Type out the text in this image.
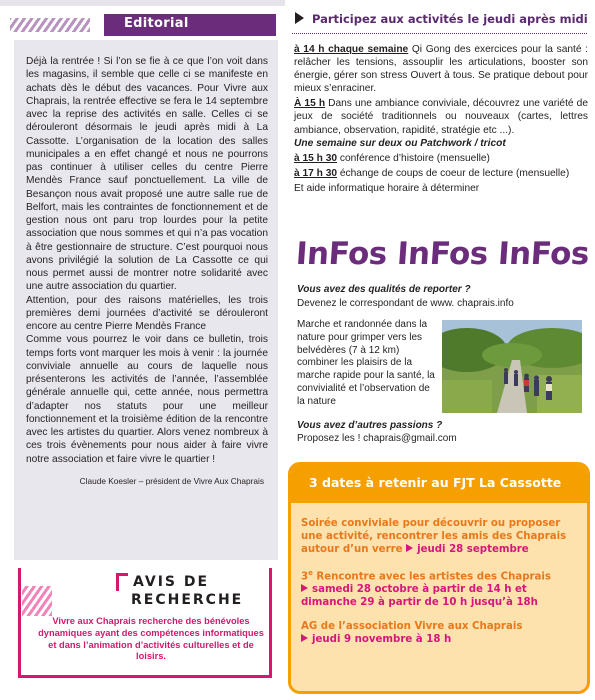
Editorial

Déjà la rentrée ! Si l’on se fie à ce que l’on voit dans les magasins, il semble que celle ci se manifeste en achats dès le début des vacances. Pour Vivre aux Chaprais, la rentrée effective se fera le 14 septembre avec la reprise des activités en salle. Celles ci se dérouleront désormais le jeudi après midi à La Cassotte. L’organisation de la location des salles municipales a en effet changé et nous ne pourrons pas continuer à utiliser celles du centre Pierre Mendès France sauf ponctuellement. La ville de Besançon nous avait proposé une autre salle rue de Belfort, mais les contraintes de fonctionnement et de gestion nous ont paru trop lourdes pour la petite association que nous sommes et qui n’a pas vocation à être gestionnaire de structure. C’est pourquoi nous avons privilégié la solution de La Cassotte ce qui nous permet aussi de montrer notre solidarité avec une autre association du quartier.

Attention, pour des raisons matérielles, les trois premières demi journées d’activité se dérouleront encore au centre Pierre Mendès France

Comme vous pourrez le voir dans ce bulletin, trois temps forts vont marquer les mois à venir : la journée conviviale annuelle au cours de laquelle nous présenterons les activités de l’année, l’assemblée générale annuelle qui, cette année, nous permettra d’adapter nos statuts pour une meilleur fonctionnement et la troisième édition de la rencontre avec les artistes du quartier. Alors venez nombreux à ces trois évènements pour nous aider à faire vivre notre association et faire vivre le quartier !

Claude Koesler – président de Vivre Aux Chaprais
AVIS DE
RECHERCHE
Vivre aux Chaprais recherche des bénévoles dynamiques ayant des compétences informatiques et dans l’animation d’activités culturelles et de loisirs.
Participez aux activités le jeudi après midi

à 14 h chaque semaine Qi Gong des exercices pour la santé : relâcher les tensions, assouplir les articulations, booster son énergie, gérer son stress Ouvert à tous. Se pratique debout pour mieux s’enraciner.

À 15 h Dans une ambiance conviviale, découvrez une variété de jeux de société traditionnels ou nouveaux (cartes, lettres ambiance, observation, rapidité, stratégie etc ...).
Une semaine sur deux ou Patchwork / tricot

à 15 h 30 conférence d’histoire (mensuelle)

à 17 h 30 échange de coups de coeur de lecture (mensuelle)

Et aide informatique horaire à déterminer

InFos InFos InFos
Vous avez des qualités de reporter ?
Devenez le correspondant de www. chaprais.info
Marche et randonnée dans la nature pour grimper vers les belvédères (7 à 12 km) combiner les plaisirs de la marche rapide pour la santé, la convivialité et l’observation de la nature
Vous avez d’autres passions ?
Proposez les ! chaprais@gmail.com
3 dates à retenir au FJT La Cassotte
Soirée conviviale pour découvrir ou proposer une activité, rencontrer les amis des Chaprais autour d’un verre jeudi 28 septembre
3e Rencontre avec les artistes des Chaprais
samedi 28 octobre à partir de 14 h et dimanche 29 à partir de 10 h jusqu’à 18h
AG de l’association Vivre aux Chaprais
jeudi 9 novembre à 18 h
